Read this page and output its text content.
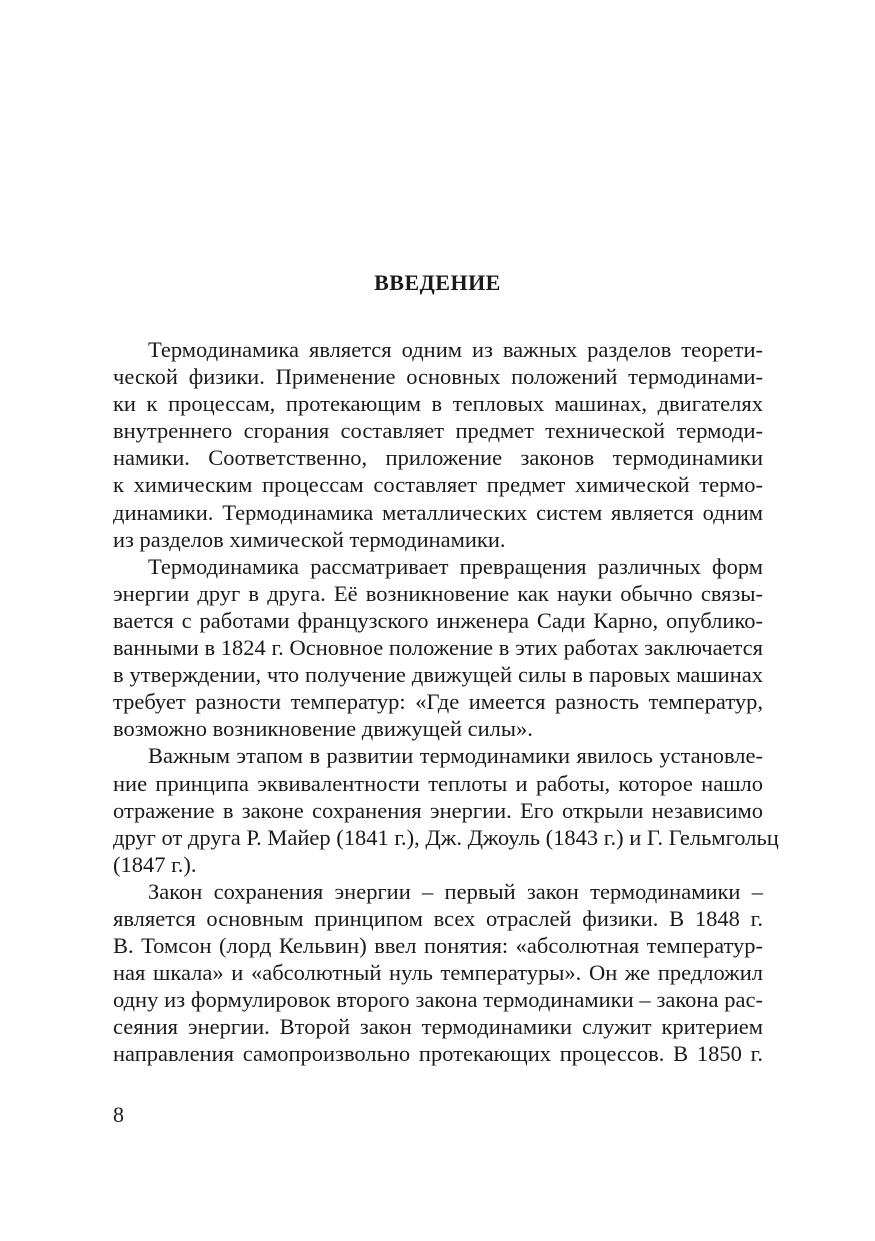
ВВЕДЕНИЕ
Термодинамика является одним из важных разделов теорети-
ческой физики. Применение основных положений термодинами-
ки к процессам, протекающим в тепловых машинах, двигателях
внутреннего сгорания составляет предмет технической термоди-
намики. Соответственно, приложение законов термодинамики
к химическим процессам составляет предмет химической термо-
динамики. Термодинамика металлических систем является одним
из разделов химической термодинамики.
Термодинамика рассматривает превращения различных форм
энергии друг в друга. Её возникновение как науки обычно связы-
вается с работами французского инженера Сади Карно, опублико-
ванными в 1824 г. Основное положение в этих работах заключается
в утверждении, что получение движущей силы в паровых машинах
требует разности температур: «Где имеется разность температур,
возможно возникновение движущей силы».
Важным этапом в развитии термодинамики явилось установле-
ние принципа эквивалентности теплоты и работы, которое нашло
отражение в законе сохранения энергии. Его открыли независимо
друг от друга Р. Майер (1841 г.), Дж. Джоуль (1843 г.) и Г. Гельмгольц
(1847 г.).
Закон сохранения энергии – первый закон термодинамики –
является основным принципом всех отраслей физики. В 1848 г.
В. Томсон (лорд Кельвин) ввел понятия: «абсолютная температур-
ная шкала» и «абсолютный нуль температуры». Он же предложил
одну из формулировок второго закона термодинамики – закона рас-
сеяния энергии. Второй закон термодинамики служит критерием
направления самопроизвольно протекающих процессов. В 1850 г.
8
